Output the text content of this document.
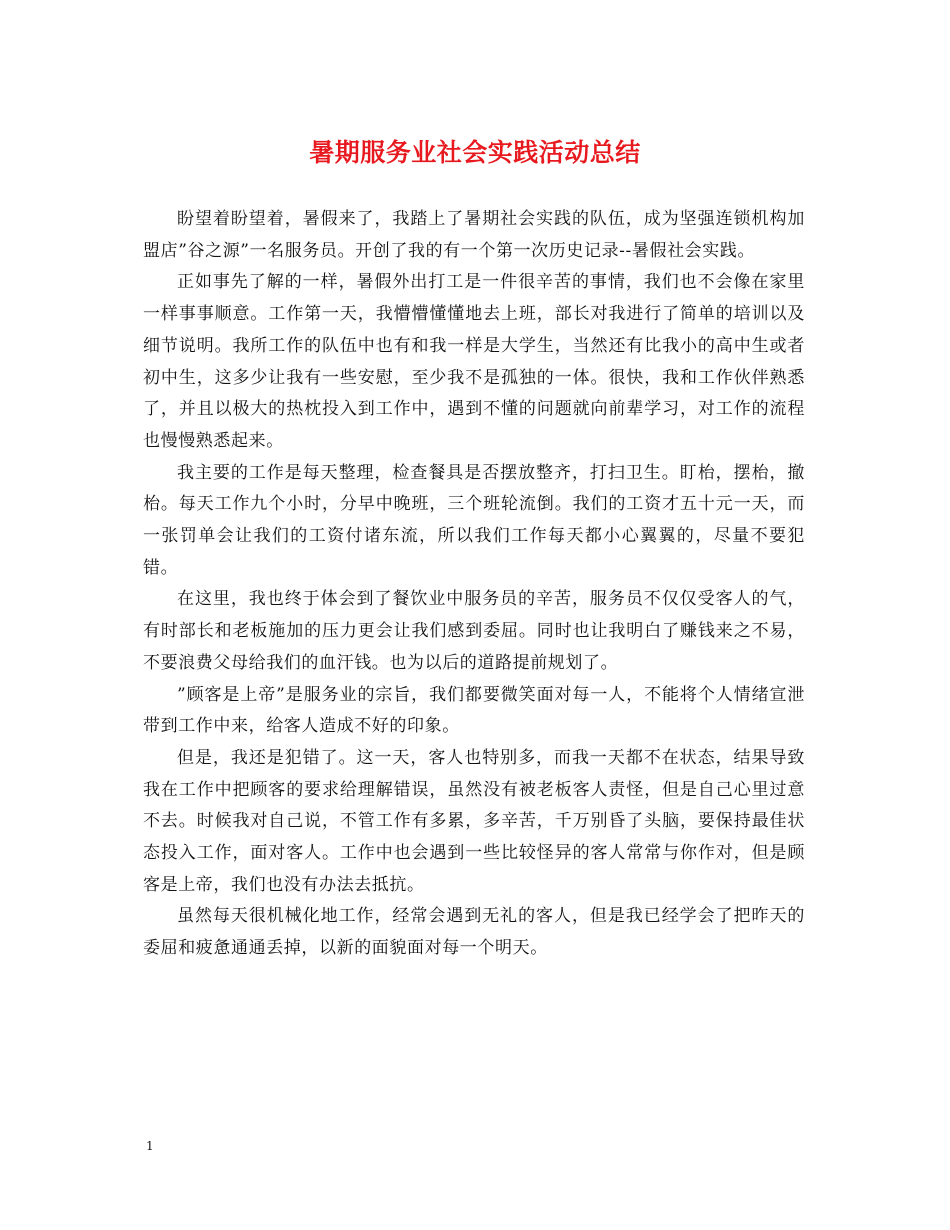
暑期服务业社会实践活动总结

盼望着盼望着，暑假来了，我踏上了暑期社会实践的队伍，成为坚强连锁机构加盟店”谷之源”一名服务员。开创了我的有一个第一次历史记录--暑假社会实践。

正如事先了解的一样，暑假外出打工是一件很辛苦的事情，我们也不会像在家里一样事事顺意。工作第一天，我懵懵懂懂地去上班，部长对我进行了简单的培训以及细节说明。我所工作的队伍中也有和我一样是大学生，当然还有比我小的高中生或者初中生，这多少让我有一些安慰，至少我不是孤独的一体。很快，我和工作伙伴熟悉了，并且以极大的热枕投入到工作中，遇到不懂的问题就向前辈学习，对工作的流程也慢慢熟悉起来。

我主要的工作是每天整理，检查餐具是否摆放整齐，打扫卫生。盯枱，摆枱，撤枱。每天工作九个小时，分早中晚班，三个班轮流倒。我们的工资才五十元一天，而一张罚单会让我们的工资付诸东流，所以我们工作每天都小心翼翼的，尽量不要犯错。

在这里，我也终于体会到了餐饮业中服务员的辛苦，服务员不仅仅受客人的气，有时部长和老板施加的压力更会让我们感到委屈。同时也让我明白了赚钱来之不易，不要浪费父母给我们的血汗钱。也为以后的道路提前规划了。

”顾客是上帝”是服务业的宗旨，我们都要微笑面对每一人，不能将个人情绪宣泄带到工作中来，给客人造成不好的印象。

但是，我还是犯错了。这一天，客人也特别多，而我一天都不在状态，结果导致我在工作中把顾客的要求给理解错误，虽然没有被老板客人责怪，但是自己心里过意不去。时候我对自己说，不管工作有多累，多辛苦，千万别昏了头脑，要保持最佳状态投入工作，面对客人。工作中也会遇到一些比较怪异的客人常常与你作对，但是顾客是上帝，我们也没有办法去抵抗。

虽然每天很机械化地工作，经常会遇到无礼的客人，但是我已经学会了把昨天的委屈和疲惫通通丢掉，以新的面貌面对每一个明天。

1
